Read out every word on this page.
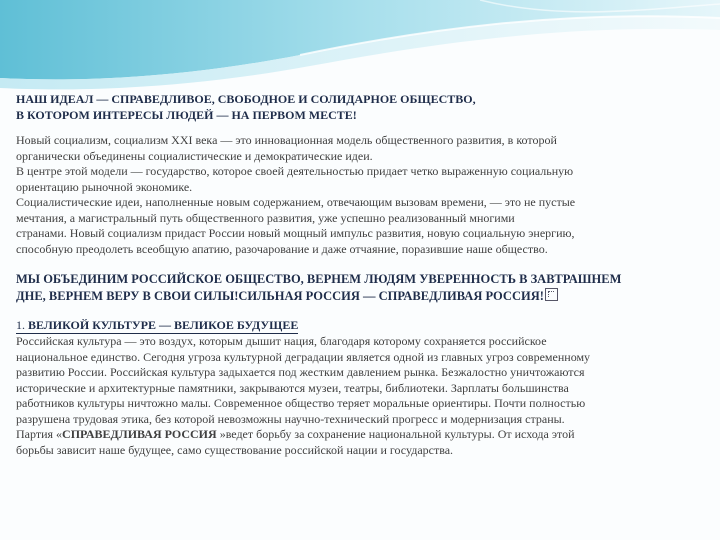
НАШ ИДЕАЛ — СПРАВЕДЛИВОЕ, СВОБОДНОЕ И СОЛИДАРНОЕ ОБЩЕСТВО,
В КОТОРОМ ИНТЕРЕСЫ ЛЮДЕЙ — НА ПЕРВОМ МЕСТЕ!
Новый социализм, социализм XXI века — это инновационная модель общественного развития, в которой
органически объединены социалистические и демократические идеи.
В центре этой модели — государство, которое своей деятельностью придает четко выраженную социальную
ориентацию рыночной экономике.
Социалистические идеи, наполненные новым содержанием, отвечающим вызовам времени, — это не пустые
мечтания, а магистральный путь общественного развития, уже успешно реализованный многими
странами. Новый социализм придаст России новый мощный импульс развития, новую социальную энергию,
способную преодолеть всеобщую апатию, разочарование и даже отчаяние, поразившие наше общество.
МЫ ОБЪЕДИНИМ РОССИЙСКОЕ ОБЩЕСТВО, ВЕРНЕМ ЛЮДЯМ УВЕРЕННОСТЬ В ЗАВТРАШНЕМ
ДНЕ, ВЕРНЕМ ВЕРУ В СВОИ СИЛЫ!СИЛЬНАЯ РОССИЯ — СПРАВЕДЛИВАЯ РОССИЯ!
1. ВЕЛИКОЙ КУЛЬТУРЕ — ВЕЛИКОЕ БУДУЩЕЕ
Российская культура — это воздух, которым дышит нация, благодаря которому сохраняется российское
национальное единство. Сегодня угроза культурной деградации является одной из главных угроз современному
развитию России. Российская культура задыхается под жестким давлением рынка. Безжалостно уничтожаются
исторические и архитектурные памятники, закрываются музеи, театры, библиотеки. Зарплаты большинства
работников культуры ничтожно малы. Современное общество теряет моральные ориентиры. Почти полностью
разрушена трудовая этика, без которой невозможны научно-технический прогресс и модернизация страны.
Партия «СПРАВЕДЛИВАЯ РОССИЯ »ведет борьбу за сохранение национальной культуры. От исхода этой
борьбы зависит наше будущее, само существование российской нации и государства.
